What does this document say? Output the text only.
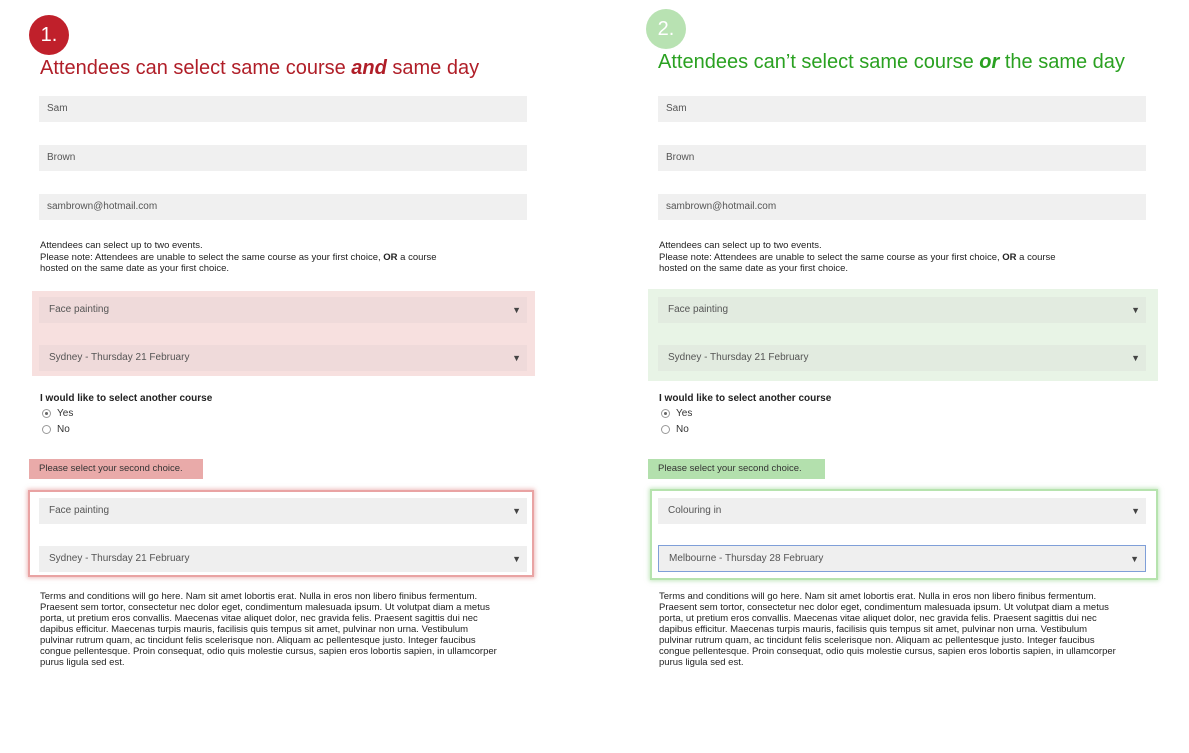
1.
Attendees can select same course and same day
Sam
Brown
sambrown@hotmail.com
Attendees can select up to two events.
Please note: Attendees are unable to select the same course as your first choice, OR a course
hosted on the same date as your first choice.
Face painting	▼
Sydney - Thursday 21 February	▼
I would like to select another course
Yes
No
Please select your second choice.
Face painting	▼
Sydney - Thursday 21 February	▼
Terms and conditions will go here. Nam sit amet lobortis erat. Nulla in eros non libero finibus fermentum. Praesent sem tortor, consectetur nec dolor eget, condimentum malesuada ipsum. Ut volutpat diam a metus porta, ut pretium eros convallis. Maecenas vitae aliquet dolor, nec gravida felis. Praesent sagittis dui nec dapibus efficitur. Maecenas turpis mauris, facilisis quis tempus sit amet, pulvinar non urna. Vestibulum pulvinar rutrum quam, ac tincidunt felis scelerisque non. Aliquam ac pellentesque justo. Integer faucibus congue pellentesque. Proin consequat, odio quis molestie cursus, sapien eros lobortis sapien, in ullamcorper purus ligula sed est.
2.
Attendees can’t select same course or the same day
Sam
Brown
sambrown@hotmail.com
Attendees can select up to two events.
Please note: Attendees are unable to select the same course as your first choice, OR a course
hosted on the same date as your first choice.
Face painting	▼
Sydney - Thursday 21 February	▼
I would like to select another course
Yes
No
Please select your second choice.
Colouring in	▼
Melbourne - Thursday 28 February	▼
Terms and conditions will go here. Nam sit amet lobortis erat. Nulla in eros non libero finibus fermentum. Praesent sem tortor, consectetur nec dolor eget, condimentum malesuada ipsum. Ut volutpat diam a metus porta, ut pretium eros convallis. Maecenas vitae aliquet dolor, nec gravida felis. Praesent sagittis dui nec dapibus efficitur. Maecenas turpis mauris, facilisis quis tempus sit amet, pulvinar non urna. Vestibulum pulvinar rutrum quam, ac tincidunt felis scelerisque non. Aliquam ac pellentesque justo. Integer faucibus congue pellentesque. Proin consequat, odio quis molestie cursus, sapien eros lobortis sapien, in ullamcorper purus ligula sed est.
